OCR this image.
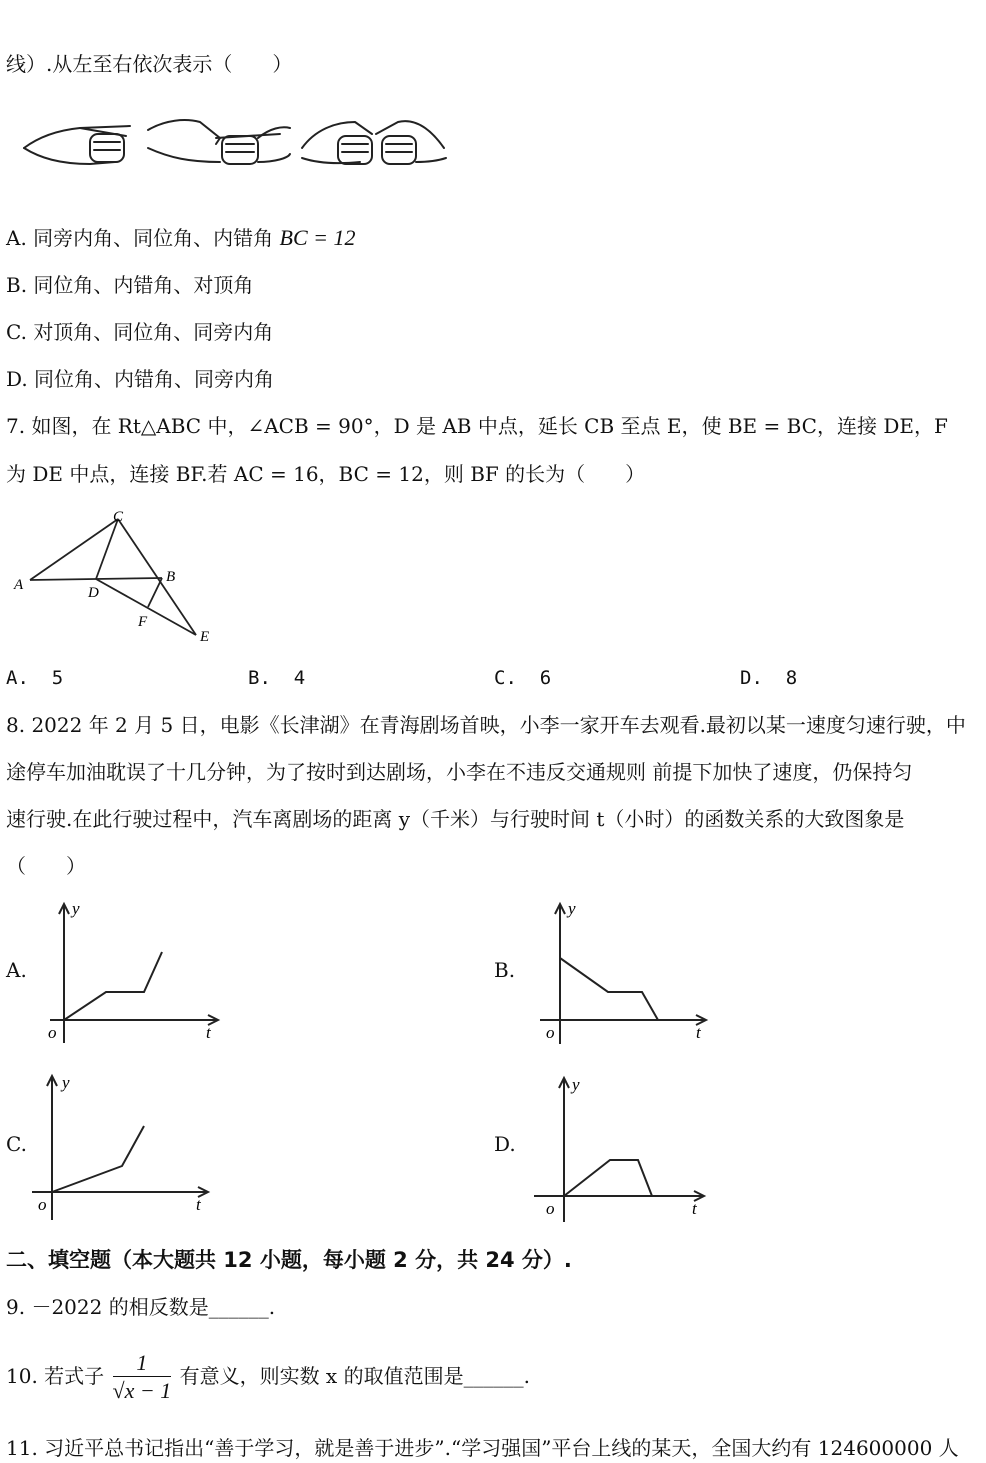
线）.从左至右依次表示（　　）
A. 同旁内角、同位角、内错角 BC = 12
B. 同位角、内错角、对顶角
C. 对顶角、同位角、同旁内角
D. 同位角、内错角、同旁内角
7. 如图，在 Rt△ABC 中，∠ACB = 90°，D 是 AB 中点，延长 CB 至点 E，使 BE = BC，连接 DE，F
为 DE 中点，连接 BF.若 AC = 16，BC = 12，则 BF 的长为（　　）
C
A	D
B
F
E
A. 5	B. 4	C. 6	D. 8
8. 2022 年 2 月 5 日，电影《长津湖》在青海剧场首映，小李一家开车去观看.最初以某一速度匀速行驶，中
途停车加油耽误了十几分钟，为了按时到达剧场，小李在不违反交通规则 前提下加快了速度，仍保持匀
速行驶.在此行驶过程中，汽车离剧场的距离 y（千米）与行驶时间 t（小时）的函数关系的大致图象是
（　　）
A.
y
t
o
B.
y
t
o
C.
y
t
o
D.
y
t
o
二、填空题（本大题共 12 小题，每小题 2 分，共 24 分）.
9. －2022 的相反数是______.
10. 若式子 $\frac{1}{√x - 1}$ 有意义，则实数 x 的取值范围是______.
11. 习近平总书记指出“善于学习，就是善于进步”.“学习强国”平台上线的某天，全国大约有 124600000 人
